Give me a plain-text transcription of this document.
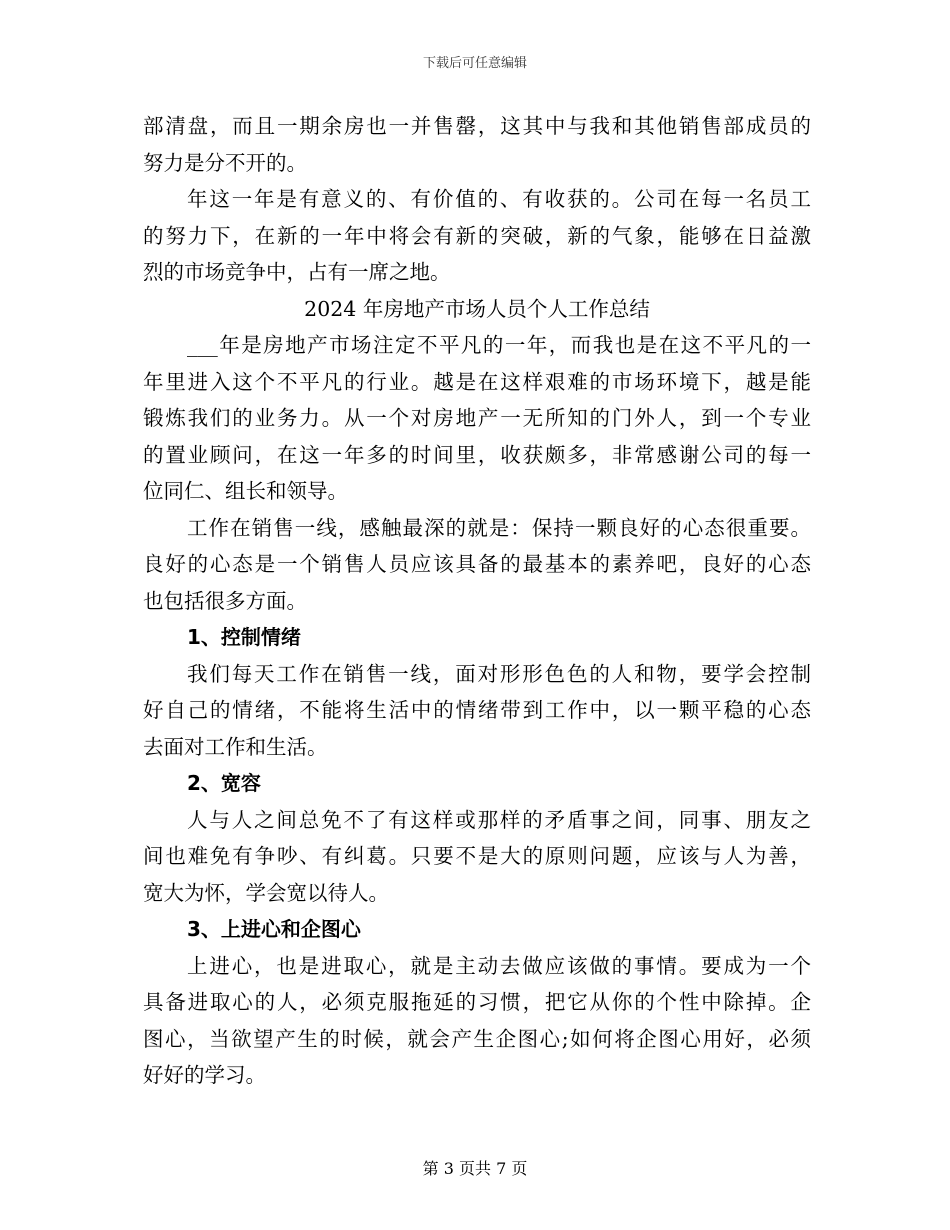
下载后可任意编辑
部清盘，而且一期余房也一并售罄，这其中与我和其他销售部成员的
努力是分不开的。
年这一年是有意义的、有价值的、有收获的。公司在每一名员工
的努力下，在新的一年中将会有新的突破，新的气象，能够在日益激
烈的市场竞争中，占有一席之地。
2024 年房地产市场人员个人工作总结
___年是房地产市场注定不平凡的一年，而我也是在这不平凡的一
年里进入这个不平凡的行业。越是在这样艰难的市场环境下，越是能
锻炼我们的业务力。从一个对房地产一无所知的门外人，到一个专业
的置业顾问，在这一年多的时间里，收获颇多，非常感谢公司的每一
位同仁、组长和领导。
工作在销售一线，感触最深的就是：保持一颗良好的心态很重要。
良好的心态是一个销售人员应该具备的最基本的素养吧，良好的心态
也包括很多方面。
1、控制情绪
我们每天工作在销售一线，面对形形色色的人和物，要学会控制
好自己的情绪，不能将生活中的情绪带到工作中，以一颗平稳的心态
去面对工作和生活。
2、宽容
人与人之间总免不了有这样或那样的矛盾事之间，同事、朋友之
间也难免有争吵、有纠葛。只要不是大的原则问题，应该与人为善，
宽大为怀，学会宽以待人。
3、上进心和企图心
上进心，也是进取心，就是主动去做应该做的事情。要成为一个
具备进取心的人，必须克服拖延的习惯，把它从你的个性中除掉。企
图心，当欲望产生的时候，就会产生企图心;如何将企图心用好，必须
好好的学习。
第 3 页共 7 页
